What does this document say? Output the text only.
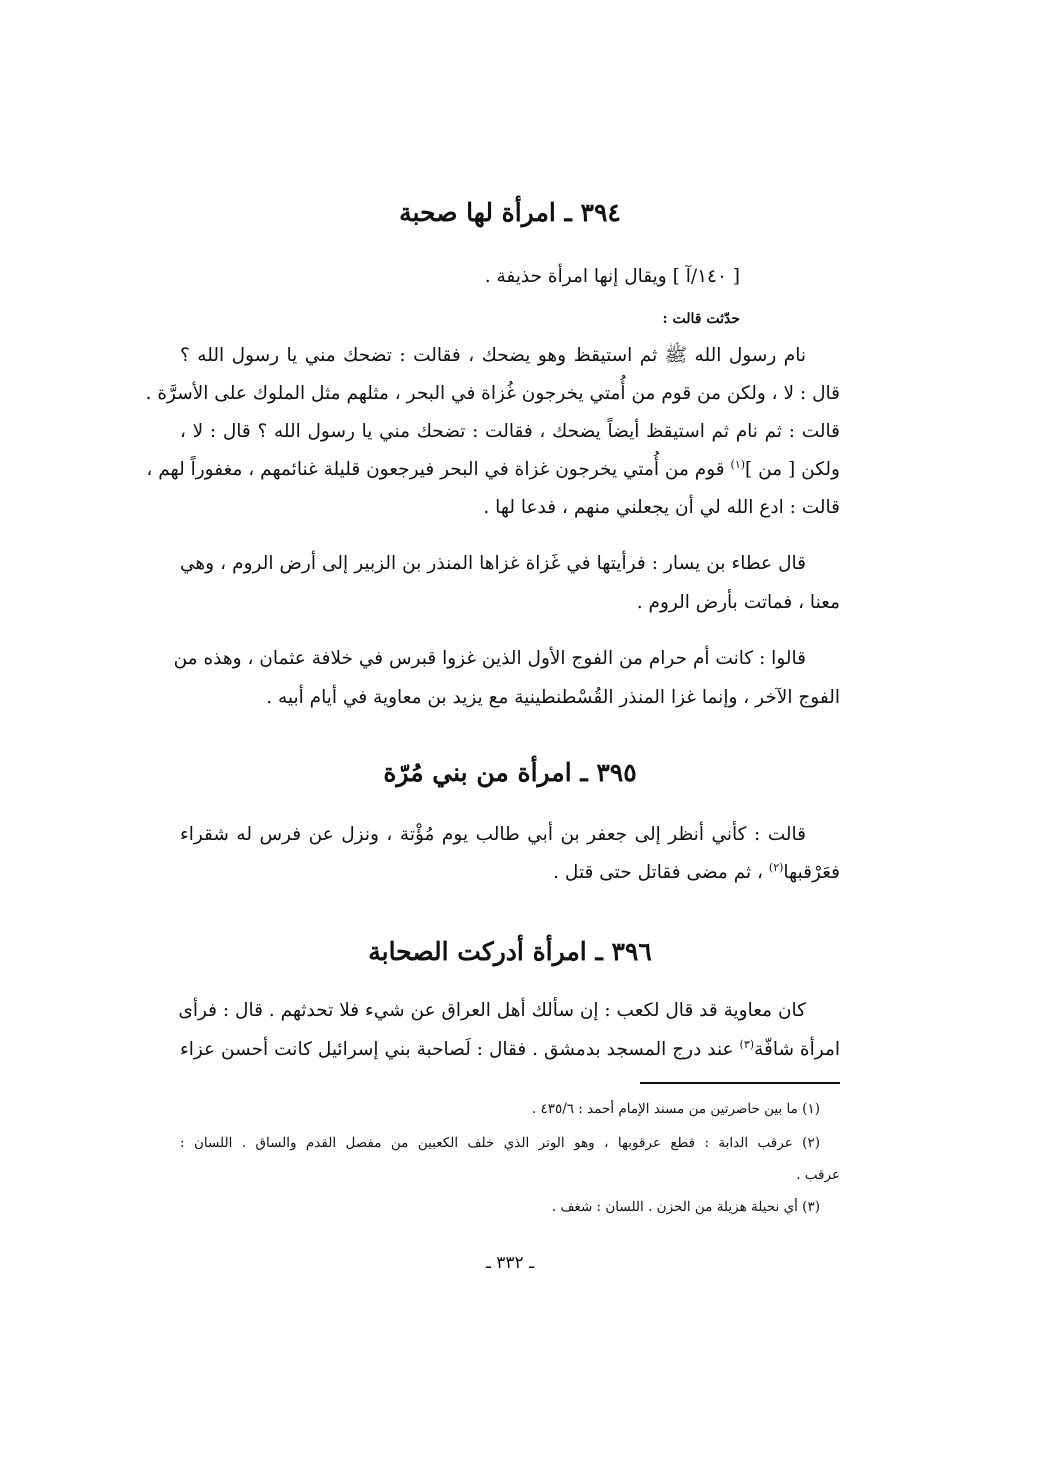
٣٩٤ ـ امرأة لها صحبة
[ ١٤٠/آ ] ويقال إنها امرأة حذيفة .
حدّثت قالت :
نام رسول الله ﷺ ثم استيقظ وهو يضحك ، فقالت : تضحك مني يا رسول الله ؟
قال : لا ، ولكن من قوم من أُمتي يخرجون غُزاة في البحر ، مثلهم مثل الملوك على الأسرَّة .
قالت : ثم نام ثم استيقظ أيضاً يضحك ، فقالت : تضحك مني يا رسول الله ؟ قال : لا ،
ولكن [ من ]$^{(١)}$ قوم من أُمتي يخرجون غزاة في البحر فيرجعون قليلة غنائمهم ، مغفوراً لهم ،
قالت : ادع الله لي أن يجعلني منهم ، فدعا لها .
قال عطاء بن يسار : فرأيتها في غَزاة غزاها المنذر بن الزبير إلى أرض الروم ، وهي
معنا ، فماتت بأرض الروم .
قالوا : كانت أم حرام من الفوج الأول الذين غزوا قبرس في خلافة عثمان ، وهذه من
الفوج الآخر ، وإنما غزا المنذر القُسْطنطينية مع يزيد بن معاوية في أيام أبيه .
٣٩٥ ـ امرأة من بني مُرّة
قالت : كأني أنظر إلى جعفر بن أبي طالب يوم مُؤْتة ، ونزل عن فرس له شقراء
فعَرْقبها$^{(٢)}$ ، ثم مضى فقاتل حتى قتل .
٣٩٦ ـ امرأة أدركت الصحابة
كان معاوية قد قال لكعب : إن سألك أهل العراق عن شيء فلا تحدثهم . قال : فرأى
امرأة شافّة$^{(٣)}$ عند درج المسجد بدمشق . فقال : لَصاحبة بني إسرائيل كانت أحسن عزاء
(١) ما بين حاصرتين من مسند الإمام أحمد : ٤٣٥/٦ .
(٢) عرقب الدابة : قطع عرقوبها ، وهو الوتر الذي خلف الكعبين من مفصل القدم والساق . اللسان :
عرقب .
(٣) أي نحيلة هزيلة من الحزن . اللسان : شغف .
ـ ٣٣٢ ـ
